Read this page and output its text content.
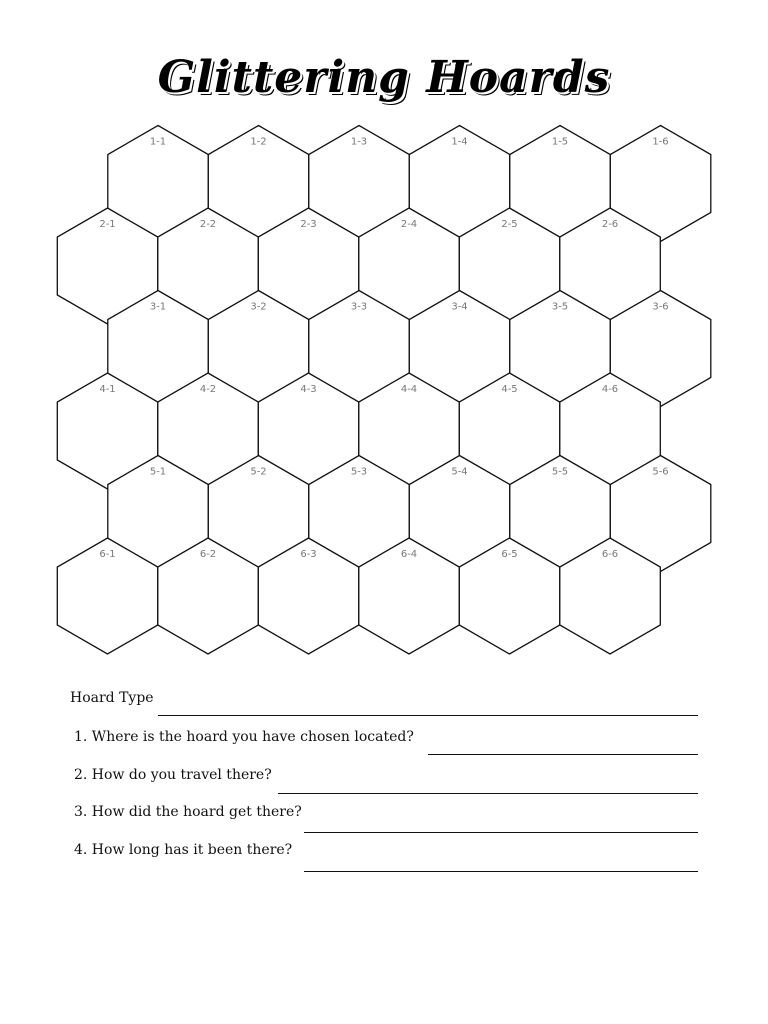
Glittering Hoards
1-1	1-2	1-3	1-4	1-5	1-6
2-1	2-2	2-3	2-4	2-5	2-6
3-1	3-2	3-3	3-4	3-5	3-6
4-1	4-2	4-3	4-4	4-5	4-6
5-1	5-2	5-3	5-4	5-5	5-6
6-1	6-2	6-3	6-4	6-5	6-6
Hoard Type
1. Where is the hoard you have chosen located?
2. How do you travel there?
3. How did the hoard get there?
4. How long has it been there?
